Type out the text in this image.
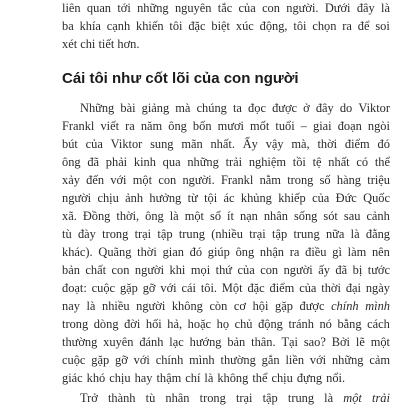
liên quan tới những nguyên tắc của con người. Dưới đây là
ba khía cạnh khiến tôi đặc biệt xúc động, tôi chọn ra để soi
xét chi tiết hơn.
Cái tôi như cốt lõi của con người
Những bài giảng mà chúng ta đọc được ở đây do Viktor
Frankl viết ra năm ông bốn mươi mốt tuổi – giai đoạn ngòi
bút của Viktor sung mãn nhất. Ấy vậy mà, thời điểm đó
ông đã phải kinh qua những trải nghiệm tồi tệ nhất có thể
xảy đến với một con người. Frankl nằm trong số hàng triệu
người chịu ảnh hưởng từ tội ác khủng khiếp của Đức Quốc
xã. Đồng thời, ông là một số ít nạn nhân sống sót sau cảnh
tù đày trong trại tập trung (nhiều trại tập trung nữa là đằng
khác). Quãng thời gian đó giúp ông nhận ra điều gì làm nên
bản chất con người khi mọi thứ của con người ấy đã bị tước
đoạt: cuộc gặp gỡ với cái tôi. Một đặc điểm của thời đại ngày
nay là nhiều người không còn cơ hội gặp được chính mình
trong dòng đời hối hả, hoặc họ chủ động tránh nó bằng cách
thường xuyên đánh lạc hướng bản thân. Tại sao? Bởi lẽ một
cuộc gặp gỡ với chính mình thường gắn liền với những cảm
giác khó chịu hay thậm chí là không thể chịu đựng nổi.
Trở thành tù nhân trong trại tập trung là một trải
